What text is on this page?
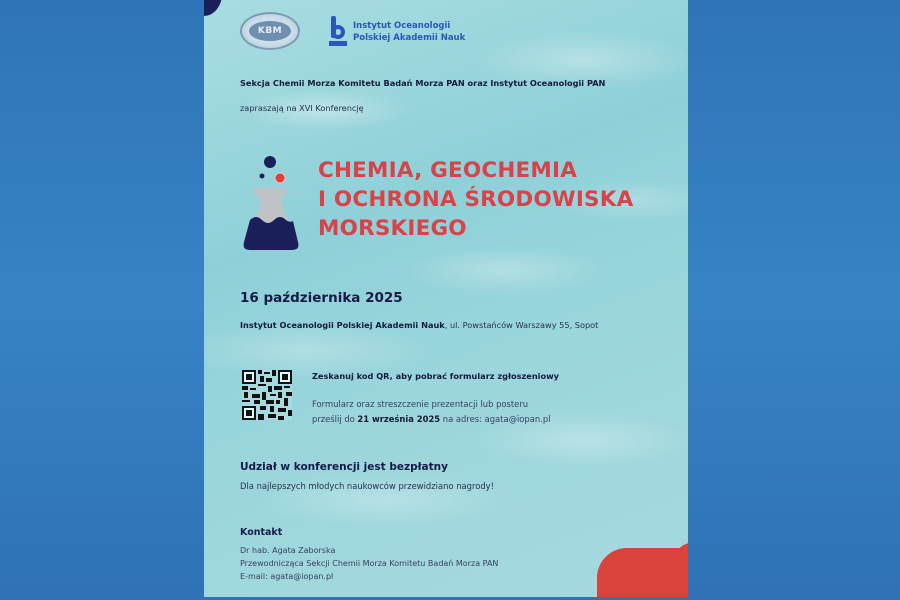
KBM	Instytut Oceanologii
Polskiej Akademii Nauk
Sekcja Chemii Morza Komitetu Badań Morza PAN oraz Instytut Oceanologii PAN
zapraszają na XVI Konferencję
CHEMIA, GEOCHEMIA
I OCHRONA ŚRODOWISKA
MORSKIEGO
16 października 2025
Instytut Oceanologii Polskiej Akademii Nauk, ul. Powstańców Warszawy 55, Sopot
Zeskanuj kod QR, aby pobrać formularz zgłoszeniowy
Formularz oraz streszczenie prezentacji lub posteru
prześlij do 21 września 2025 na adres: agata@iopan.pl
Udział w konferencji jest bezpłatny
Dla najlepszych młodych naukowców przewidziano nagrody!
Kontakt
Dr hab. Agata Zaborska
Przewodnicząca Sekcji Chemii Morza Komitetu Badań Morza PAN
E-mail: agata@iopan.pl
